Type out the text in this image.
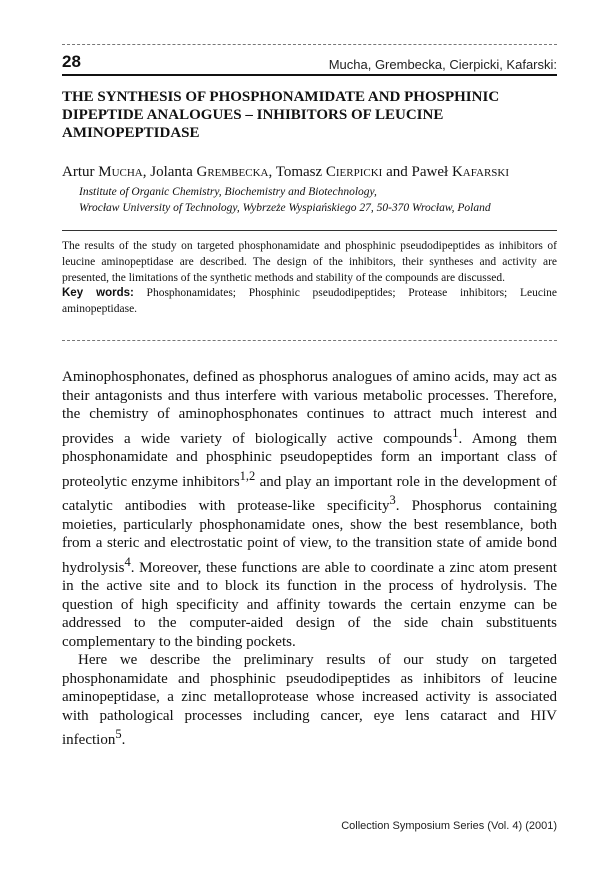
28	Mucha, Grembecka, Cierpicki, Kafarski:
THE SYNTHESIS OF PHOSPHONAMIDATE AND PHOSPHINIC
DIPEPTIDE ANALOGUES – INHIBITORS OF LEUCINE
AMINOPEPTIDASE
Artur Mucha, Jolanta Grembecka, Tomasz Cierpicki and Paweł Kafarski
Institute of Organic Chemistry, Biochemistry and Biotechnology,
Wrocław University of Technology, Wybrzeże Wyspiańskiego 27, 50-370 Wrocław, Poland

The results of the study on targeted phosphonamidate and phosphinic pseudodipeptides as inhibitors of leucine aminopeptidase are described. The design of the inhibitors, their syntheses and activity are presented, the limitations of the synthetic methods and stability of the compounds are discussed.

Key words: Phosphonamidates; Phosphinic pseudodipeptides; Protease inhibitors; Leucine aminopeptidase.

Aminophosphonates, defined as phosphorus analogues of amino acids, may act as their antagonists and thus interfere with various metabolic processes. Therefore, the chemistry of aminophosphonates continues to attract much interest and provides a wide variety of biologically active compounds$^1$. Among them phosphonamidate and phosphinic pseudopeptides form an important class of proteolytic enzyme inhibitors$^{1,2}$ and play an important role in the development of catalytic antibodies with protease-like specificity$^3$. Phosphorus containing moieties, particularly phosphonamidate ones, show the best resemblance, both from a steric and electrostatic point of view, to the transition state of amide bond hydrolysis$^4$. Moreover, these functions are able to coordinate a zinc atom present in the active site and to block its function in the process of hydrolysis. The question of high specificity and affinity towards the certain enzyme can be addressed to the computer-aided design of the side chain substituents complementary to the binding pockets.

Here we describe the preliminary results of our study on targeted phosphonamidate and phosphinic pseudodipeptides as inhibitors of leucine aminopeptidase, a zinc metalloprotease whose increased activity is associated with pathological processes including cancer, eye lens cataract and HIV infection$^5$.

Collection Symposium Series (Vol. 4) (2001)
